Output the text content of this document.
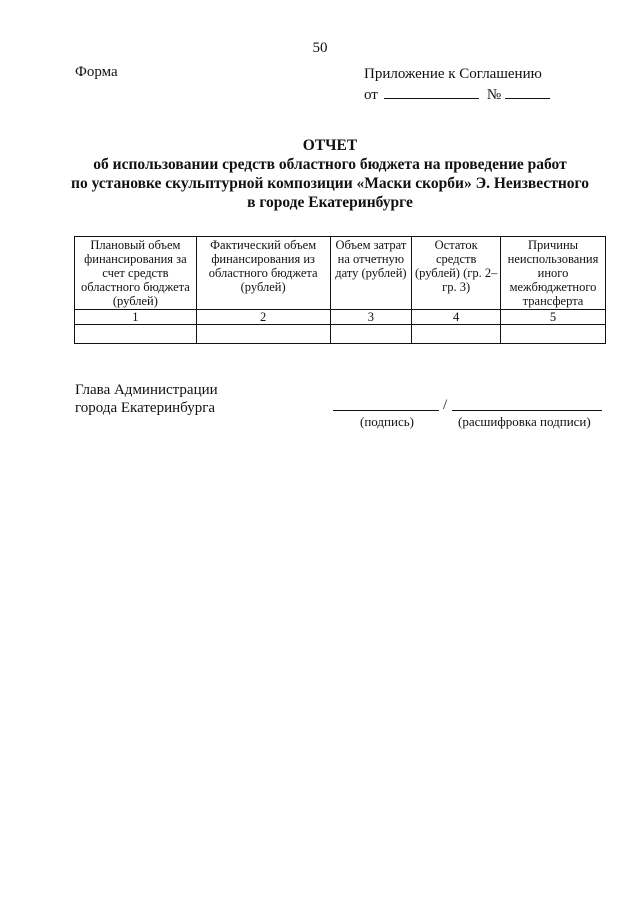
50
Форма	Приложение к Соглашению
от	№
ОТЧЕТ
об использовании средств областного бюджета на проведение работ
по установке скульптурной композиции «Маски скорби» Э. Неизвестного
в городе Екатеринбурге
Плановый объем финансирования за счет средств областного бюджета (рублей)	Фактический объем финансирования из областного бюджета (рублей)	Объем затрат на отчетную дату (рублей)	Остаток средств (рублей) (гр. 2–гр. 3)	Причины неиспользования иного межбюджетного трансферта
1	2	3	4	5

Глава Администрации
города Екатеринбурга	/
(подпись)	(расшифровка подписи)
